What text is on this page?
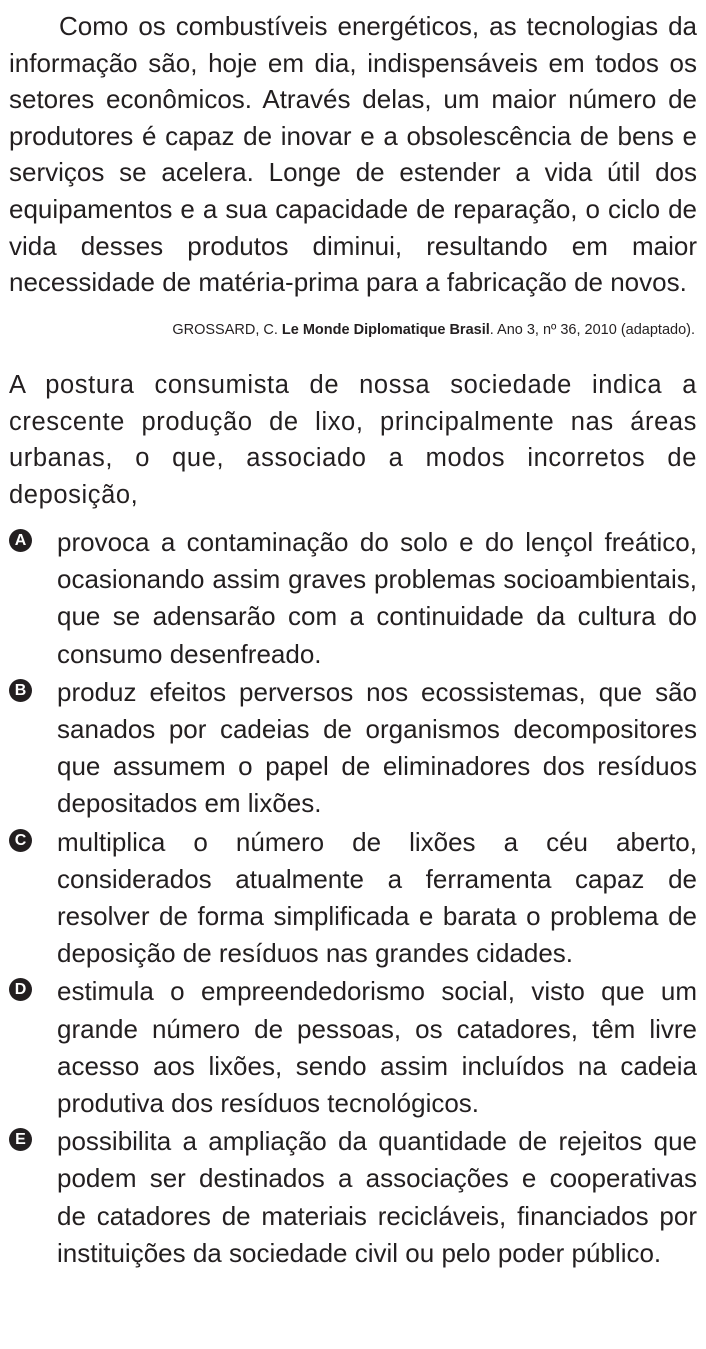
Como os combustíveis energéticos, as tecnologias da informação são, hoje em dia, indispensáveis em todos os setores econômicos. Através delas, um maior número de produtores é capaz de inovar e a obsolescência de bens e serviços se acelera. Longe de estender a vida útil dos equipamentos e a sua capacidade de reparação, o ciclo de vida desses produtos diminui, resultando em maior necessidade de matéria-prima para a fabricação de novos.

GROSSARD, C. Le Monde Diplomatique Brasil. Ano 3, nº 36, 2010 (adaptado).

A postura consumista de nossa sociedade indica a crescente produção de lixo, principalmente nas áreas urbanas, o que, associado a modos incorretos de deposição,

A provoca a contaminação do solo e do lençol freático, ocasionando assim graves problemas socioambientais, que se adensarão com a continuidade da cultura do consumo desenfreado.
B produz efeitos perversos nos ecossistemas, que são sanados por cadeias de organismos decompositores que assumem o papel de eliminadores dos resíduos depositados em lixões.
C multiplica o número de lixões a céu aberto, considerados atualmente a ferramenta capaz de resolver de forma simplificada e barata o problema de deposição de resíduos nas grandes cidades.
D estimula o empreendedorismo social, visto que um grande número de pessoas, os catadores, têm livre acesso aos lixões, sendo assim incluídos na cadeia produtiva dos resíduos tecnológicos.
E possibilita a ampliação da quantidade de rejeitos que podem ser destinados a associações e cooperativas de catadores de materiais recicláveis, financiados por instituições da sociedade civil ou pelo poder público.
